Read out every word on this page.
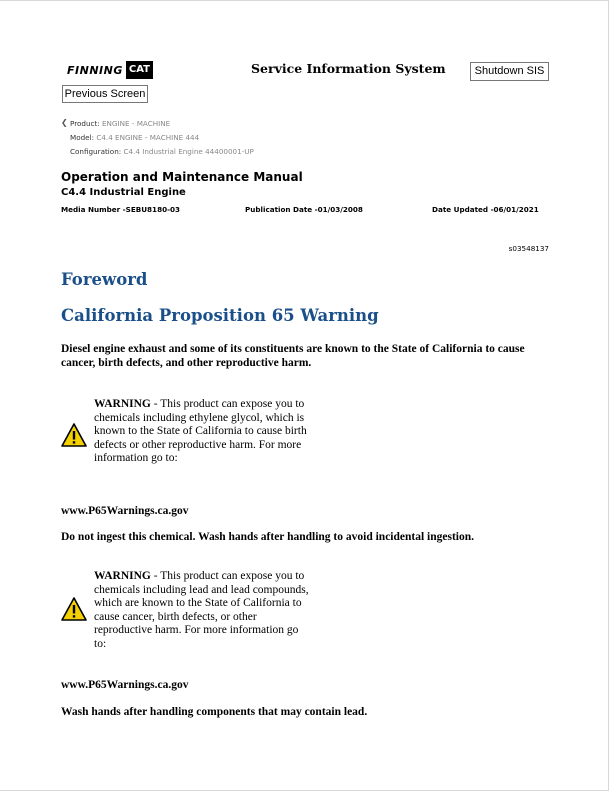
FINNING CAT	Service Information System	Shutdown SIS
Previous Screen
❮ Product: ENGINE - MACHINE
Model: C4.4 ENGINE - MACHINE 444
Configuration: C4.4 Industrial Engine 44400001-UP
Operation and Maintenance Manual
C4.4 Industrial Engine
Media Number -SEBU8180-03	Publication Date -01/03/2008	Date Updated -06/01/2021
s03548137
Foreword
California Proposition 65 Warning
Diesel engine exhaust and some of its constituents are known to the State of California to cause cancer, birth defects, and other reproductive harm.
WARNING - This product can expose you to chemicals including ethylene glycol, which is known to the State of California to cause birth defects or other reproductive harm. For more information go to:
www.P65Warnings.ca.gov
Do not ingest this chemical. Wash hands after handling to avoid incidental ingestion.
WARNING - This product can expose you to chemicals including lead and lead compounds, which are known to the State of California to cause cancer, birth defects, or other reproductive harm. For more information go to:
www.P65Warnings.ca.gov
Wash hands after handling components that may contain lead.
